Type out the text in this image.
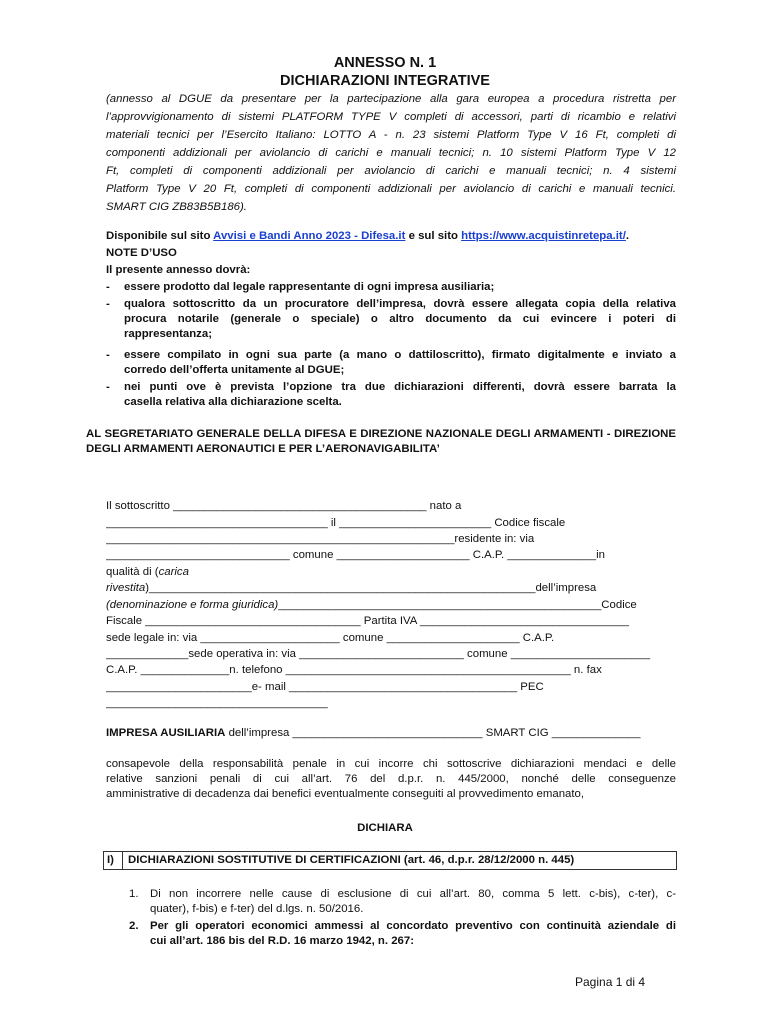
ANNESSO N. 1
DICHIARAZIONI INTEGRATIVE
(annesso al DGUE da presentare per la partecipazione alla gara europea a procedura ristretta per
l’approvvigionamento di sistemi PLATFORM TYPE V completi di accessori, parti di ricambio e relativi
materiali tecnici per l’Esercito Italiano: LOTTO A - n. 23 sistemi Platform Type V 16 Ft, completi di
componenti addizionali per aviolancio di carichi e manuali tecnici; n. 10 sistemi Platform Type V 12
Ft, completi di componenti addizionali per aviolancio di carichi e manuali tecnici; n. 4 sistemi
Platform Type V 20 Ft, completi di componenti addizionali per aviolancio di carichi e manuali tecnici.
SMART CIG ZB83B5B186).
Disponibile sul sito Avvisi e Bandi Anno 2023 - Difesa.it e sul sito https://www.acquistinretepa.it/.
NOTE D’USO
Il presente annesso dovrà:
- essere prodotto dal legale rappresentante di ogni impresa ausiliaria;
- qualora sottoscritto da un procuratore dell’impresa, dovrà essere allegata copia della relativa
procura notarile (generale o speciale) o altro documento da cui evincere i poteri di
rappresentanza;
- essere compilato in ogni sua parte (a mano o dattiloscritto), firmato digitalmente e inviato a
corredo dell’offerta unitamente al DGUE;
- nei punti ove è prevista l’opzione tra due dichiarazioni differenti, dovrà essere barrata la
casella relativa alla dichiarazione scelta.
AL SEGRETARIATO GENERALE DELLA DIFESA E DIREZIONE NAZIONALE DEGLI ARMAMENTI - DIREZIONE
DEGLI ARMAMENTI AERONAUTICI E PER L’AERONAVIGABILITA’
Il sottoscritto ________________________________________ nato a
___________________________________ il ________________________ Codice fiscale
_______________________________________________________residente in: via
_____________________________ comune _____________________ C.A.P. ______________in
qualità di (carica
rivestita)_____________________________________________________________dell’impresa
(denominazione e forma giuridica)___________________________________________________Codice
Fiscale __________________________________ Partita IVA _________________________________
sede legale in: via ______________________ comune _____________________ C.A.P.
_____________sede operativa in: via __________________________ comune ______________________
C.A.P. ______________n. telefono _____________________________________________ n. fax
_______________________e- mail ____________________________________ PEC
___________________________________
IMPRESA AUSILIARIA dell’impresa ______________________________ SMART CIG ______________
consapevole della responsabilità penale in cui incorre chi sottoscrive dichiarazioni mendaci e delle
relative sanzioni penali di cui all’art. 76 del d.p.r. n. 445/2000, nonché delle conseguenze
amministrative di decadenza dai benefici eventualmente conseguiti al provvedimento emanato,
DICHIARA
I) DICHIARAZIONI SOSTITUTIVE DI CERTIFICAZIONI (art. 46, d.p.r. 28/12/2000 n. 445)
1. Di non incorrere nelle cause di esclusione di cui all’art. 80, comma 5 lett. c-bis), c-ter), c-
quater), f-bis) e f-ter) del d.lgs. n. 50/2016.
2. Per gli operatori economici ammessi al concordato preventivo con continuità aziendale di
cui all’art. 186 bis del R.D. 16 marzo 1942, n. 267:
Pagina 1 di 4
